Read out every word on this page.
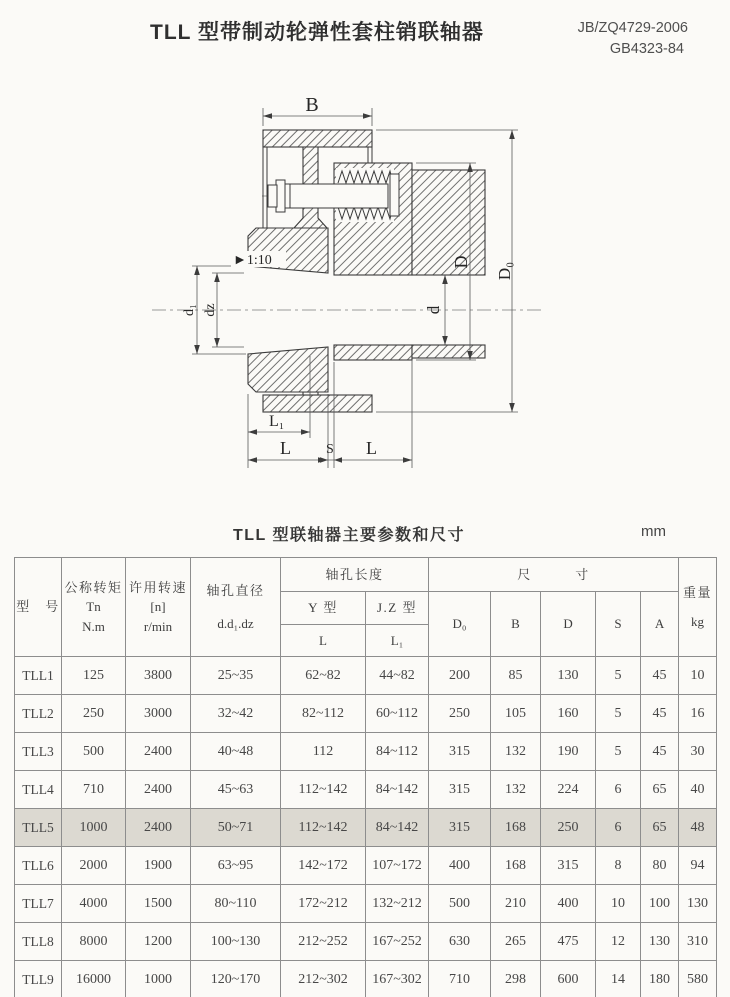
TLL 型带制动轮弹性套柱销联轴器	JB/ZQ4729-2006
GB4323-84
B
D₀
D
d
d₁ dz
L₁
L	S L
►1:10
TLL 型联轴器主要参数和尺寸	mm
型　号	
公称转矩
Tn
N.m

许用转速
[n]
r/min

轴孔直径
d.d₁.dz
	轴孔长度	尺　　　寸	
重量
kg

				Y 型	J.Z 型	D₀	B	D	S	A	
				L	L₁						
TLL1	125	3800	25~35	62~82	44~82	200	85	130	5	45	10
TLL2	250	3000	32~42	82~112	60~112	250	105	160	5	45	16
TLL3	500	2400	40~48	112	84~112	315	132	190	5	45	30
TLL4	710	2400	45~63	112~142	84~142	315	132	224	6	65	40
TLL5	1000	2400	50~71	112~142	84~142	315	168	250	6	65	48
TLL6	2000	1900	63~95	142~172	107~172	400	168	315	8	80	94
TLL7	4000	1500	80~110	172~212	132~212	500	210	400	10	100	130
TLL8	8000	1200	100~130	212~252	167~252	630	265	475	12	130	310
TLL9	16000	1000	120~170	212~302	167~302	710	298	600	14	180	580
